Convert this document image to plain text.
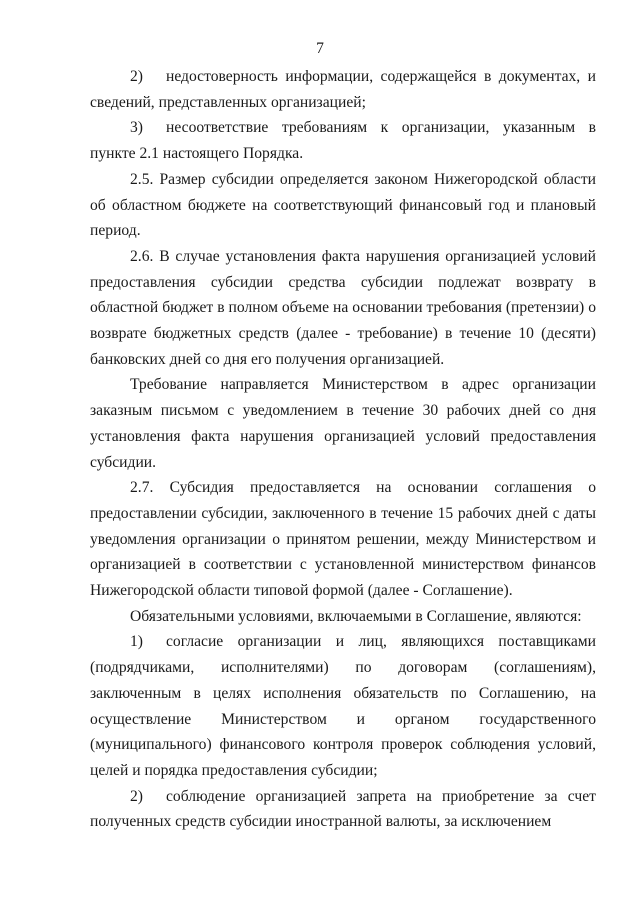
7

2) недостоверность информации, содержащейся в документах, и сведений, представленных организацией;

3) несоответствие требованиям к организации, указанным в пункте 2.1 настоящего Порядка.

2.5. Размер субсидии определяется законом Нижегородской области об областном бюджете на соответствующий финансовый год и плановый период.

2.6. В случае установления факта нарушения организацией условий предоставления субсидии средства субсидии подлежат возврату в областной бюджет в полном объеме на основании требования (претензии) о возврате бюджетных средств (далее - требование) в течение 10 (десяти) банковских дней со дня его получения организацией.

Требование направляется Министерством в адрес организации заказным письмом с уведомлением в течение 30 рабочих дней со дня установления факта нарушения организацией условий предоставления субсидии.

2.7. Субсидия предоставляется на основании соглашения о предоставлении субсидии, заключенного в течение 15 рабочих дней с даты уведомления организации о принятом решении, между Министерством и организацией в соответствии с установленной министерством финансов Нижегородской области типовой формой (далее - Соглашение).

Обязательными условиями, включаемыми в Соглашение, являются:

1) согласие организации и лиц, являющихся поставщиками (подрядчиками, исполнителями) по договорам (соглашениям), заключенным в целях исполнения обязательств по Соглашению, на осуществление Министерством и органом государственного (муниципального) финансового контроля проверок соблюдения условий, целей и порядка предоставления субсидии;

2) соблюдение организацией запрета на приобретение за счет полученных средств субсидии иностранной валюты, за исключением
